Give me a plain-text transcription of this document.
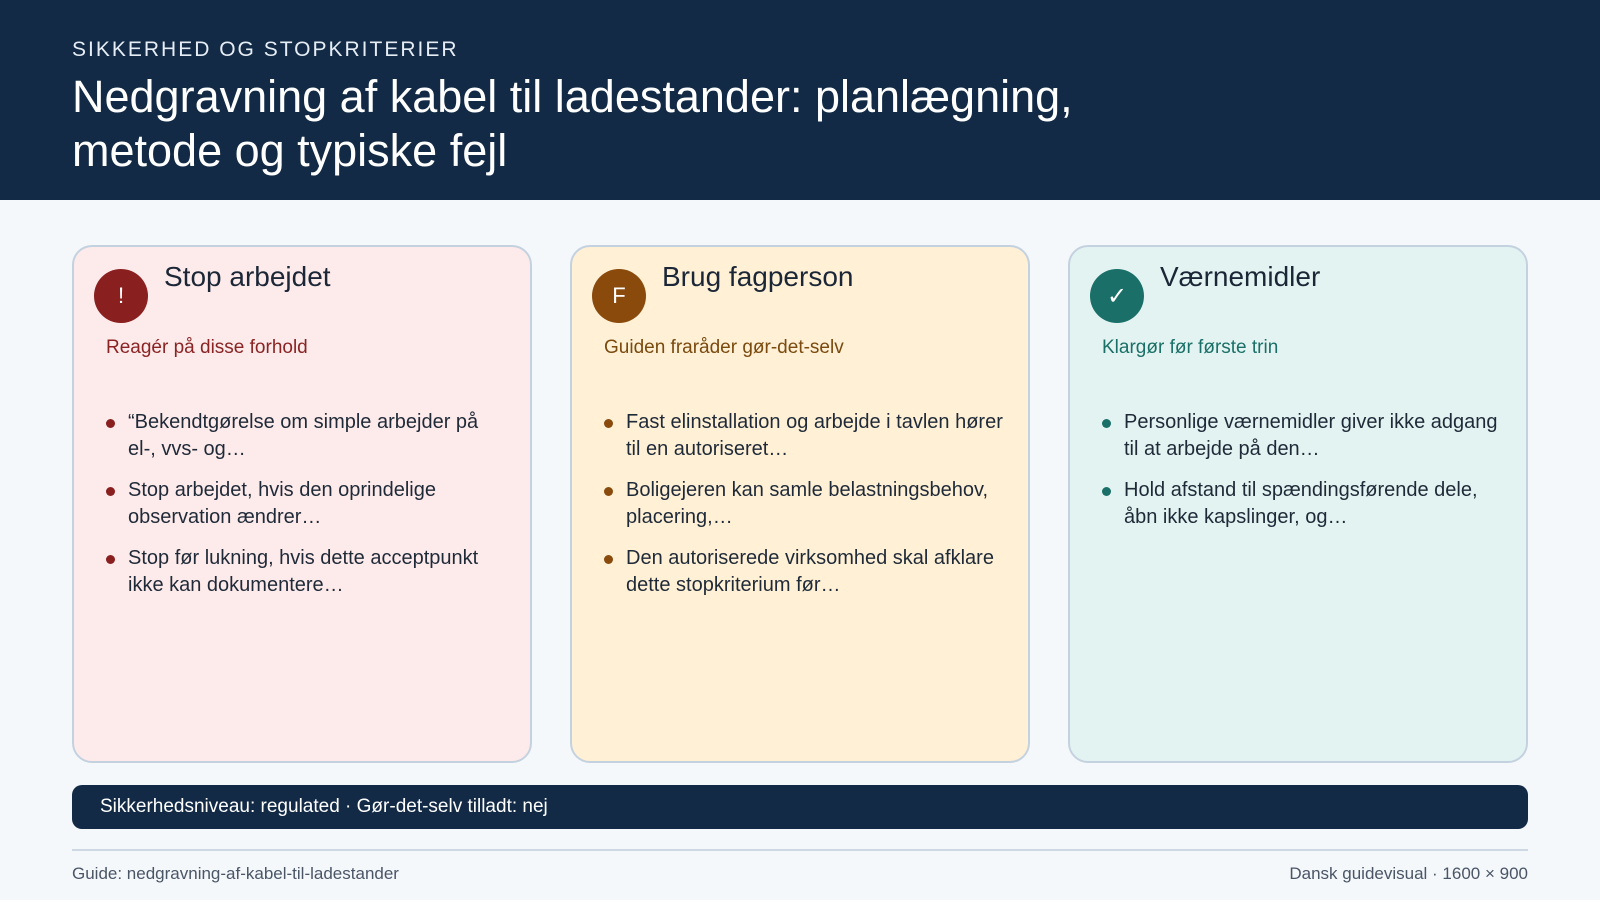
SIKKERHED OG STOPKRITERIER
Nedgravning af kabel til ladestander: planlægning, metode og typiske fejl
!
Stop arbejdet
Reagér på disse forhold
“Bekendtgørelse om simple arbejder på el-, vvs- og…
Stop arbejdet, hvis den oprindelige observation ændrer…
Stop før lukning, hvis dette acceptpunkt ikke kan dokumentere…
F
Brug fagperson
Guiden fraråder gør-det-selv
Fast elinstallation og arbejde i tavlen hører til en autoriseret…
Boligejeren kan samle belastningsbehov, placering,…
Den autoriserede virksomhed skal afklare dette stopkriterium før…
✓
Værnemidler
Klargør før første trin
Personlige værnemidler giver ikke adgang til at arbejde på den…
Hold afstand til spændingsførende dele, åbn ikke kapslinger, og…
Sikkerhedsniveau: regulated · Gør-det-selv tilladt: nej
Guide: nedgravning-af-kabel-til-ladestander	Dansk guidevisual · 1600 × 900
